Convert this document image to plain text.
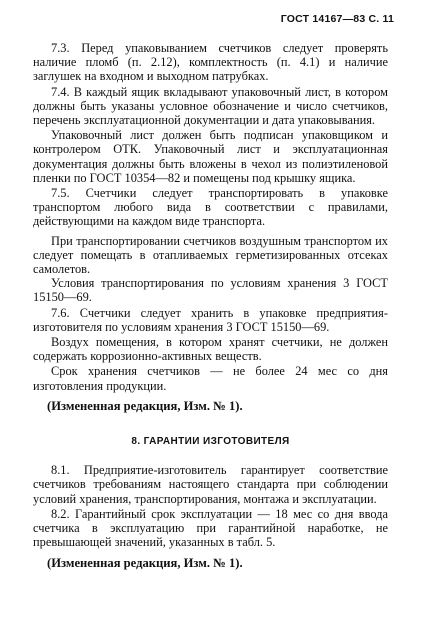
ГОСТ 14167—83 С. 11

7.3. Перед упаковыванием счетчиков следует проверять наличие пломб (п. 2.12), комплектность (п. 4.1) и наличие заглушек на входном и выходном патрубках.

7.4. В каждый ящик вкладывают упаковочный лист, в котором должны быть указаны условное обозначение и число счетчиков, перечень эксплуатационной документации и дата упаковывания.

Упаковочный лист должен быть подписан упаковщиком и контролером ОТК. Упаковочный лист и эксплуатационная документация должны быть вложены в чехол из полиэтиленовой пленки по ГОСТ 10354—82 и помещены под крышку ящика.

7.5. Счетчики следует транспортировать в упаковке транспортом любого вида в соответствии с правилами, действующими на каждом виде транспорта.

При транспортировании счетчиков воздушным транспортом их следует помещать в отапливаемых герметизированных отсеках самолетов.

Условия транспортирования по условиям хранения 3 ГОСТ 15150—69.

7.6. Счетчики следует хранить в упаковке предприятия-изготовителя по условиям хранения 3 ГОСТ 15150—69.

Воздух помещения, в котором хранят счетчики, не должен содержать коррозионно-активных веществ.

Срок хранения счетчиков — не более 24 мес со дня изготовления продукции.

(Измененная редакция, Изм. № 1).

8. ГАРАНТИИ ИЗГОТОВИТЕЛЯ

8.1. Предприятие-изготовитель гарантирует соответствие счетчиков требованиям настоящего стандарта при соблюдении условий хранения, транспортирования, монтажа и эксплуатации.

8.2. Гарантийный срок эксплуатации — 18 мес со дня ввода счетчика в эксплуатацию при гарантийной наработке, не превышающей значений, указанных в табл. 5.

(Измененная редакция, Изм. № 1).
